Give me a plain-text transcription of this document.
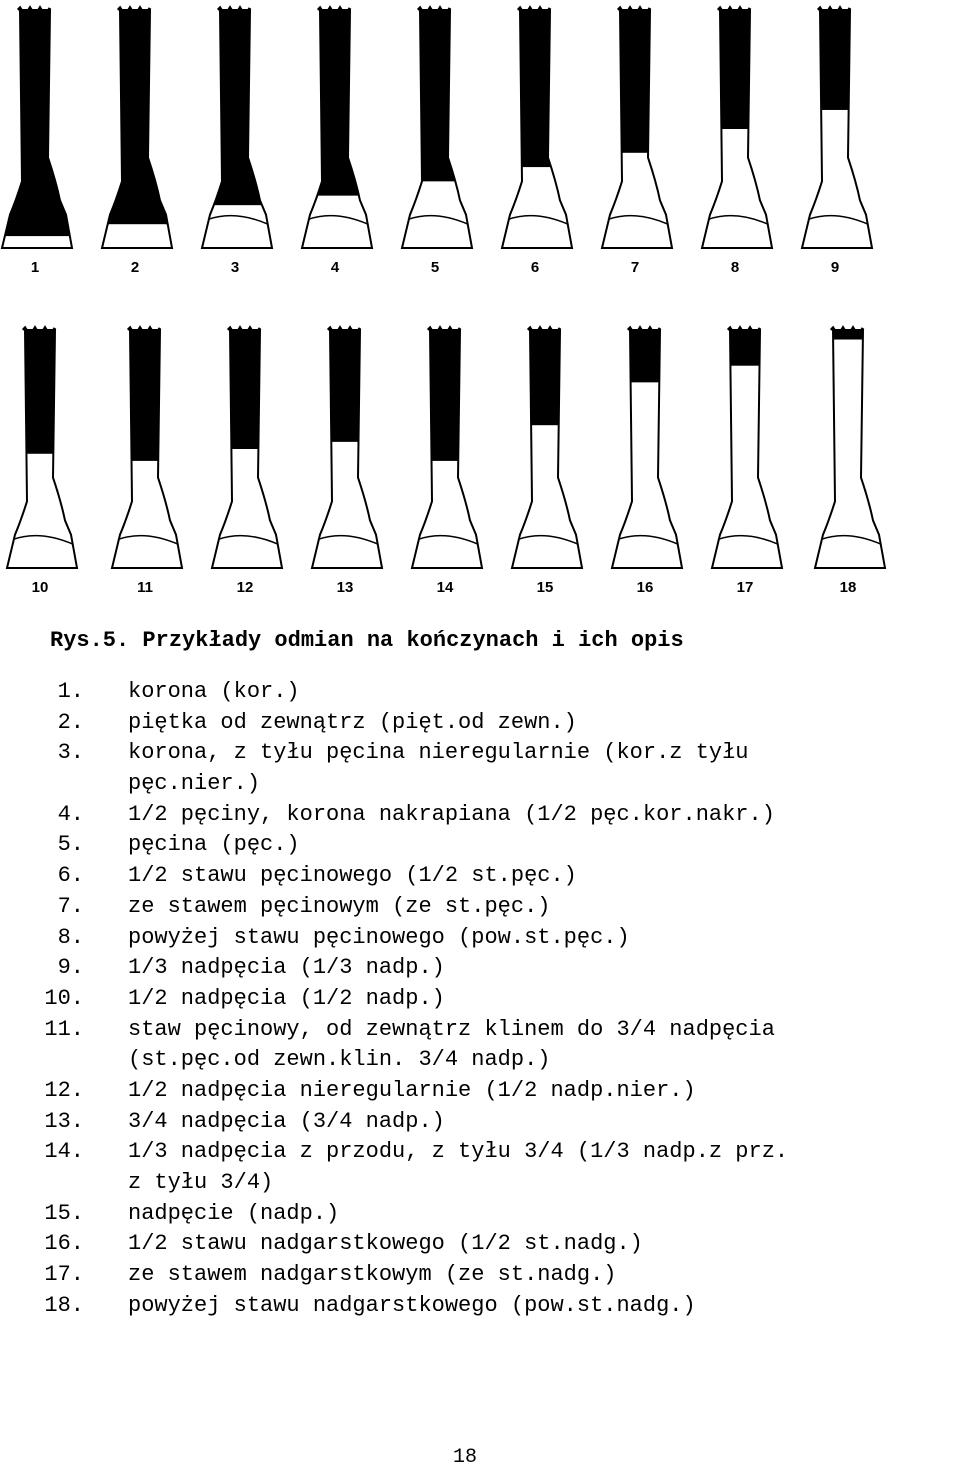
1	2	3	4	5	6	7	8	9
10	11	12	13	14	15	16	17	18
Rys.5. Przykłady odmian na kończynach i ich opis
1. korona (kor.)
2. piętka od zewnątrz (pięt.od zewn.)
3. korona, z tyłu pęcina nieregularnie (kor.z tyłu
pęc.nier.)
4. 1/2 pęciny, korona nakrapiana (1/2 pęc.kor.nakr.)
5. pęcina (pęc.)
6. 1/2 stawu pęcinowego (1/2 st.pęc.)
7. ze stawem pęcinowym (ze st.pęc.)
8. powyżej stawu pęcinowego (pow.st.pęc.)
9. 1/3 nadpęcia (1/3 nadp.)
10. 1/2 nadpęcia (1/2 nadp.)
11. staw pęcinowy, od zewnątrz klinem do 3/4 nadpęcia
(st.pęc.od zewn.klin. 3/4 nadp.)
12. 1/2 nadpęcia nieregularnie (1/2 nadp.nier.)
13. 3/4 nadpęcia (3/4 nadp.)
14. 1/3 nadpęcia z przodu, z tyłu 3/4 (1/3 nadp.z prz.
z tyłu 3/4)
15. nadpęcie (nadp.)
16. 1/2 stawu nadgarstkowego (1/2 st.nadg.)
17. ze stawem nadgarstkowym (ze st.nadg.)
18. powyżej stawu nadgarstkowego (pow.st.nadg.)
18
